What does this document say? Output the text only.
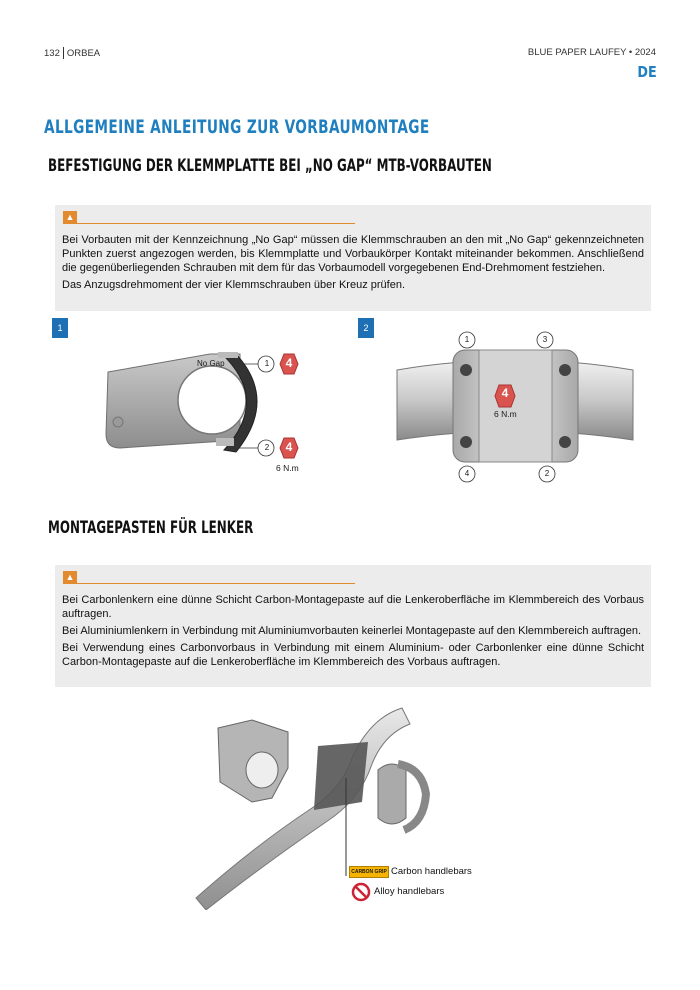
132 ORBEA	BLUE PAPER LAUFEY • 2024
DE
ALLGEMEINE ANLEITUNG ZUR VORBAUMONTAGE
BEFESTIGUNG DER KLEMMPLATTE BEI „NO GAP“ MTB-VORBAUTEN
▲

Bei Vorbauten mit der Kennzeichnung „No Gap“ müssen die Klemmschrauben an den mit „No Gap“ gekennzeichneten Punkten zuerst angezogen werden, bis Klemmplatte und Vorbaukörper Kontakt miteinander bekommen. Anschließend die gegenüberliegenden Schrauben mit dem für das Vorbaumodell vorgegebenen End-Drehmoment festziehen.

Das Anzugsdrehmoment der vier Klemmschrauben über Kreuz prüfen.

1	2
No Gap	1
2
4
4
6 N.m
1	3
4	2
4
6 N.m
MONTAGEPASTEN FÜR LENKER
▲

Bei Carbonlenkern eine dünne Schicht Carbon-Montagepaste auf die Lenkeroberfläche im Klemmbereich des Vorbaus auftragen.

Bei Aluminiumlenkern in Verbindung mit Aluminiumvorbauten keinerlei Montagepaste auf den Klemmbereich auftragen.

Bei Verwendung eines Carbonvorbaus in Verbindung mit einem Aluminium- oder Carbonlenker eine dünne Schicht Carbon-Montagepaste auf die Lenkeroberfläche im Klemmbereich des Vorbaus auftragen.

CARBON GRIP Carbon handlebars
Alloy handlebars
